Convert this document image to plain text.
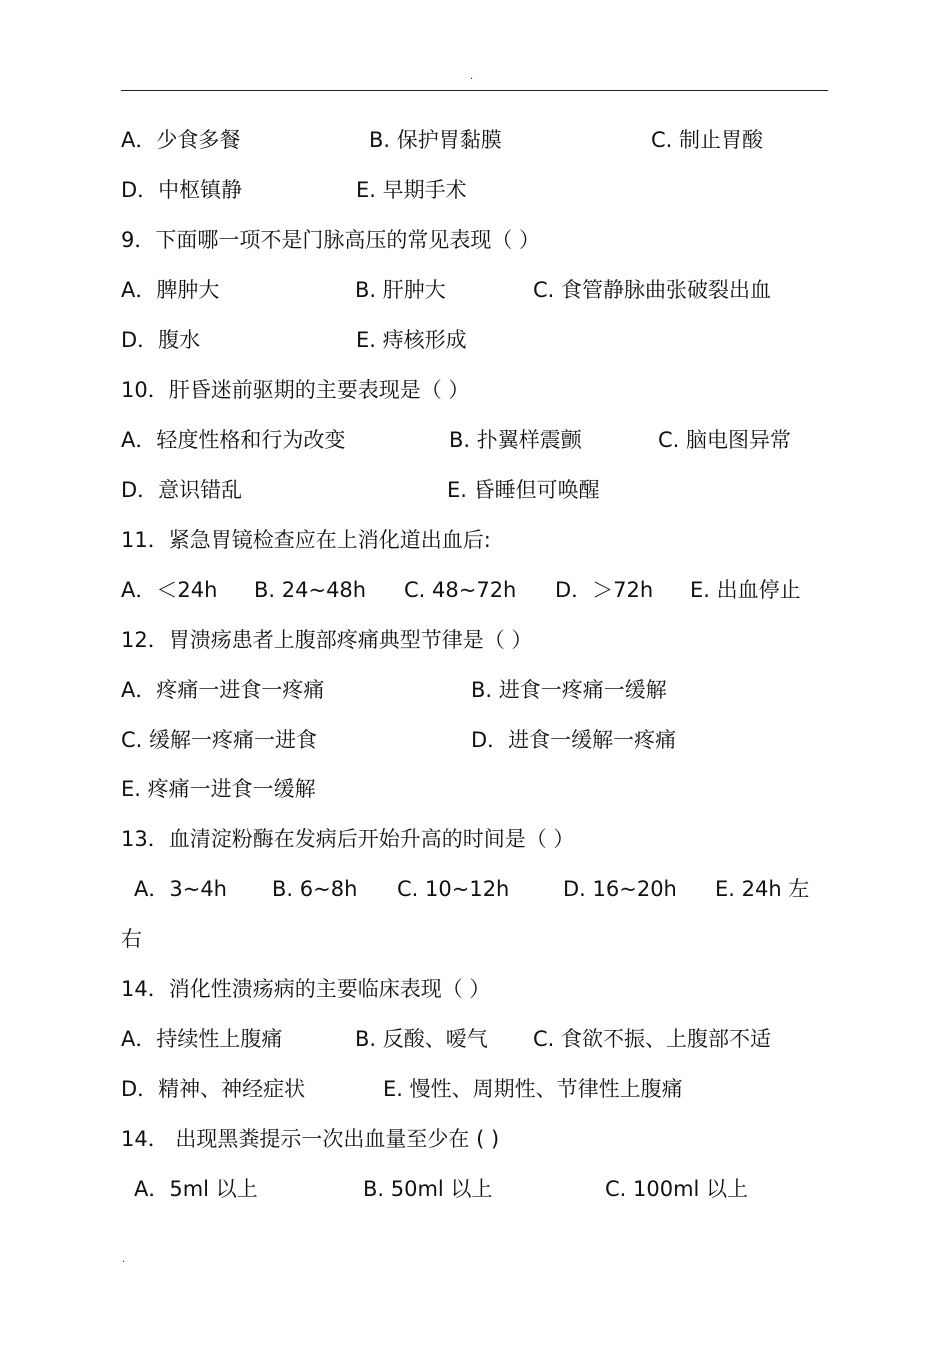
.
A．少食多餐	B. 保护胃黏膜	C. 制止胃酸
D．中枢镇静	E. 早期手术
9．下面哪一项不是门脉高压的常见表现（ ）
A．脾肿大	B. 肝肿大	C. 食管静脉曲张破裂出血
D．腹水	E. 痔核形成
10．肝昏迷前驱期的主要表现是（ ）
A．轻度性格和行为改变	B. 扑翼样震颤	C. 脑电图异常
D．意识错乱	E. 昏睡但可唤醒
11．紧急胃镜检查应在上消化道出血后:
A．＜24h B. 24~48h C. 48~72h D．＞72h E. 出血停止
12．胃溃疡患者上腹部疼痛典型节律是（ ）
A．疼痛一进食一疼痛	B. 进食一疼痛一缓解
C. 缓解一疼痛一进食	D．进食一缓解一疼痛
E. 疼痛一进食一缓解
13．血清淀粉酶在发病后开始升高的时间是（ ）
A．3~4h B. 6~8h C. 10~12h	D. 16~20h E. 24h 左
右
14．消化性溃疡病的主要临床表现（ ）
A．持续性上腹痛	B. 反酸、嗳气 C. 食欲不振、上腹部不适
D．精神、神经症状	E. 慢性、周期性、节律性上腹痛
14． 出现黑粪提示一次出血量至少在 ( )
A．5ml 以上	B. 50ml 以上	C. 100ml 以上
.
